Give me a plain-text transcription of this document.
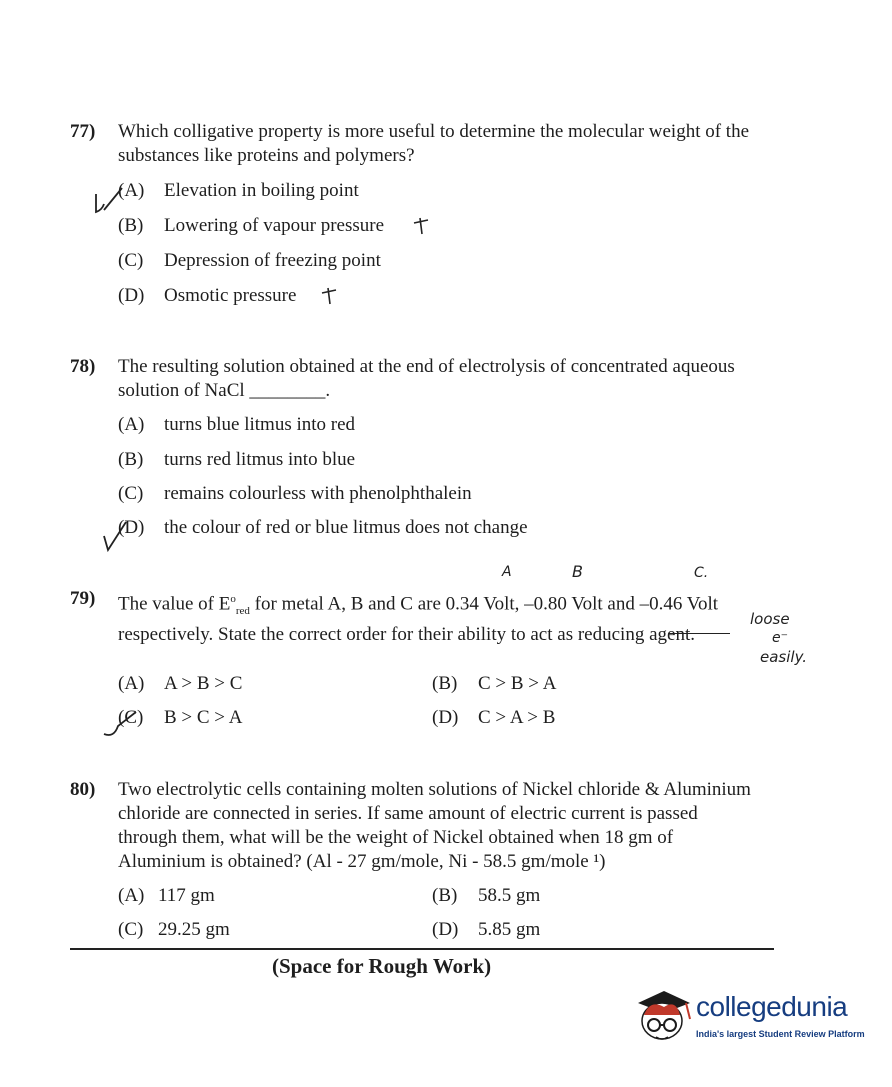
77) Which colligative property is more useful to determine the molecular weight of the substances like proteins and polymers?
(A) Elevation in boiling point
(B) Lowering of vapour pressure
(C) Depression of freezing point
(D) Osmotic pressure
78) The resulting solution obtained at the end of electrolysis of concentrated aqueous solution of NaCl ________.
(A) turns blue litmus into red
(B) turns red litmus into blue
(C) remains colourless with phenolphthalein
(D) the colour of red or blue litmus does not change
A	B	C.
79) The value of $E^o_{red}$ for metal A, B and C are 0.34 Volt, –0.80 Volt and –0.46 Volt respectively. State the correct order for their ability to act as reducing agent.
loose
e⁻
easily.
(A) A > B > C	(B) C > B > A
(C) B > C > A	(D) C > A > B
80) Two electrolytic cells containing molten solutions of Nickel chloride & Aluminium chloride are connected in series. If same amount of electric current is passed through them, what will be the weight of Nickel obtained when 18 gm of Aluminium is obtained? (Al - 27 gm/mole, Ni - 58.5 gm/mole ¹)
(A) 117 gm	(B) 58.5 gm
(C) 29.25 gm	(D) 5.85 gm
(Space for Rough Work)
collegedunia
India's largest Student Review Platform
